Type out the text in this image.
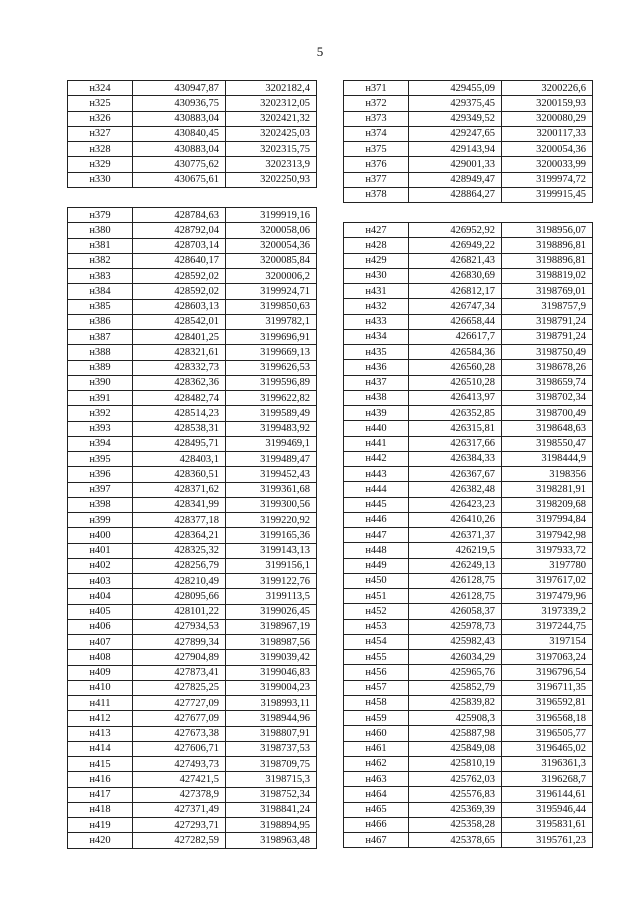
5
н324	430947,87	3202182,4
н325	430936,75	3202312,05
н326	430883,04	3202421,32
н327	430840,45	3202425,03
н328	430883,04	3202315,75
н329	430775,62	3202313,9
н330	430675,61	3202250,93
н379	428784,63	3199919,16
н380	428792,04	3200058,06
н381	428703,14	3200054,36
н382	428640,17	3200085,84
н383	428592,02	3200006,2
н384	428592,02	3199924,71
н385	428603,13	3199850,63
н386	428542,01	3199782,1
н387	428401,25	3199696,91
н388	428321,61	3199669,13
н389	428332,73	3199626,53
н390	428362,36	3199596,89
н391	428482,74	3199622,82
н392	428514,23	3199589,49
н393	428538,31	3199483,92
н394	428495,71	3199469,1
н395	428403,1	3199489,47
н396	428360,51	3199452,43
н397	428371,62	3199361,68
н398	428341,99	3199300,56
н399	428377,18	3199220,92
н400	428364,21	3199165,36
н401	428325,32	3199143,13
н402	428256,79	3199156,1
н403	428210,49	3199122,76
н404	428095,66	3199113,5
н405	428101,22	3199026,45
н406	427934,53	3198967,19
н407	427899,34	3198987,56
н408	427904,89	3199039,42
н409	427873,41	3199046,83
н410	427825,25	3199004,23
н411	427727,09	3198993,11
н412	427677,09	3198944,96
н413	427673,38	3198807,91
н414	427606,71	3198737,53
н415	427493,73	3198709,75
н416	427421,5	3198715,3
н417	427378,9	3198752,34
н418	427371,49	3198841,24
н419	427293,71	3198894,95
н420	427282,59	3198963,48
н371	429455,09	3200226,6
н372	429375,45	3200159,93
н373	429349,52	3200080,29
н374	429247,65	3200117,33
н375	429143,94	3200054,36
н376	429001,33	3200033,99
н377	428949,47	3199974,72
н378	428864,27	3199915,45
н427	426952,92	3198956,07
н428	426949,22	3198896,81
н429	426821,43	3198896,81
н430	426830,69	3198819,02
н431	426812,17	3198769,01
н432	426747,34	3198757,9
н433	426658,44	3198791,24
н434	426617,7	3198791,24
н435	426584,36	3198750,49
н436	426560,28	3198678,26
н437	426510,28	3198659,74
н438	426413,97	3198702,34
н439	426352,85	3198700,49
н440	426315,81	3198648,63
н441	426317,66	3198550,47
н442	426384,33	3198444,9
н443	426367,67	3198356
н444	426382,48	3198281,91
н445	426423,23	3198209,68
н446	426410,26	3197994,84
н447	426371,37	3197942,98
н448	426219,5	3197933,72
н449	426249,13	3197780
н450	426128,75	3197617,02
н451	426128,75	3197479,96
н452	426058,37	3197339,2
н453	425978,73	3197244,75
н454	425982,43	3197154
н455	426034,29	3197063,24
н456	425965,76	3196796,54
н457	425852,79	3196711,35
н458	425839,82	3196592,81
н459	425908,3	3196568,18
н460	425887,98	3196505,77
н461	425849,08	3196465,02
н462	425810,19	3196361,3
н463	425762,03	3196268,7
н464	425576,83	3196144,61
н465	425369,39	3195946,44
н466	425358,28	3195831,61
н467	425378,65	3195761,23
